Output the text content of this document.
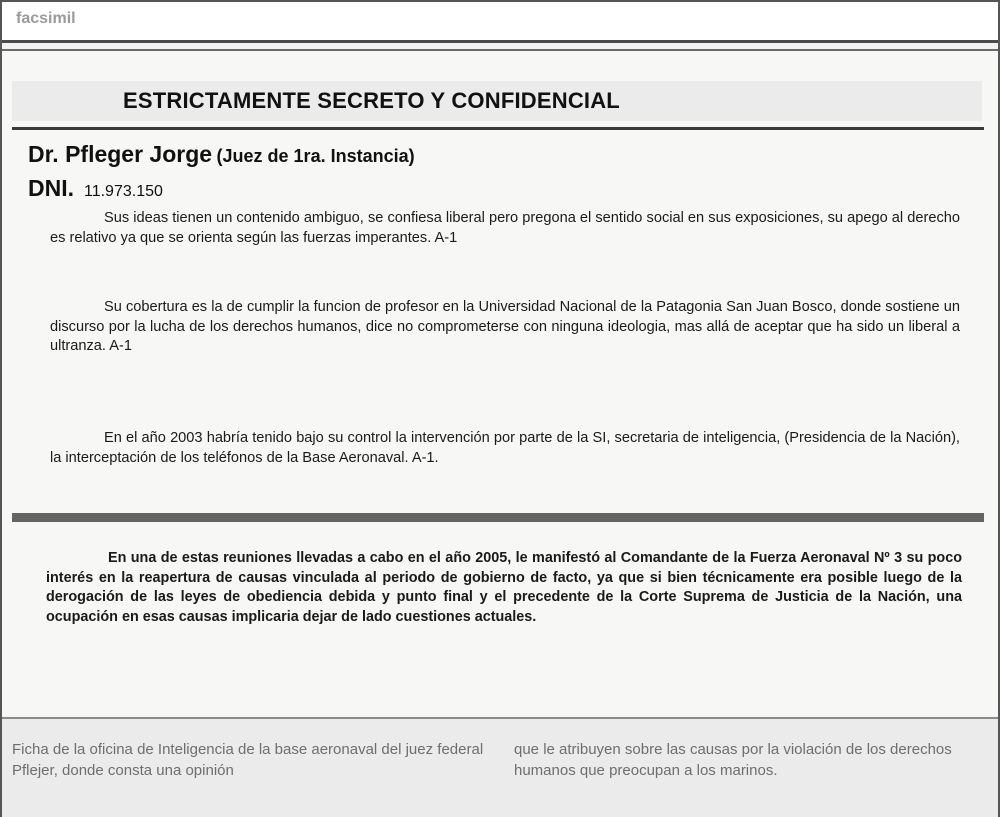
facsimil
ESTRICTAMENTE SECRETO Y CONFIDENCIAL
Dr. Pfleger Jorge (Juez de 1ra. Instancia)
DNI. 11.973.150

Sus ideas tienen un contenido ambiguo, se confiesa liberal pero pregona el sentido social en sus exposiciones, su apego al derecho es relativo ya que se orienta según las fuerzas imperantes. A-1

Su cobertura es la de cumplir la funcion de profesor en la Universidad Nacional de la Patagonia San Juan Bosco, donde sostiene un discurso por la lucha de los derechos humanos, dice no comprometerse con ninguna ideologia, mas allá de aceptar que ha sido un liberal a ultranza. A-1

En el año 2003 habría tenido bajo su control la intervención por parte de la SI, secretaria de inteligencia, (Presidencia de la Nación), la interceptación de los teléfonos de la Base Aeronaval. A-1.

En una de estas reuniones llevadas a cabo en el año 2005, le manifestó al Comandante de la Fuerza Aeronaval Nº 3 su poco interés en la reapertura de causas vinculada al periodo de gobierno de facto, ya que si bien técnicamente era posible luego de la derogación de las leyes de obediencia debida y punto final y el precedente de la Corte Suprema de Justicia de la Nación, una ocupación en esas causas implicaria dejar de lado cuestiones actuales.

Ficha de la oficina de Inteligencia de la base aeronaval del juez federal Pflejer, donde consta una opinión

que le atribuyen sobre las causas por la violación de los derechos humanos que preocupan a los marinos.
